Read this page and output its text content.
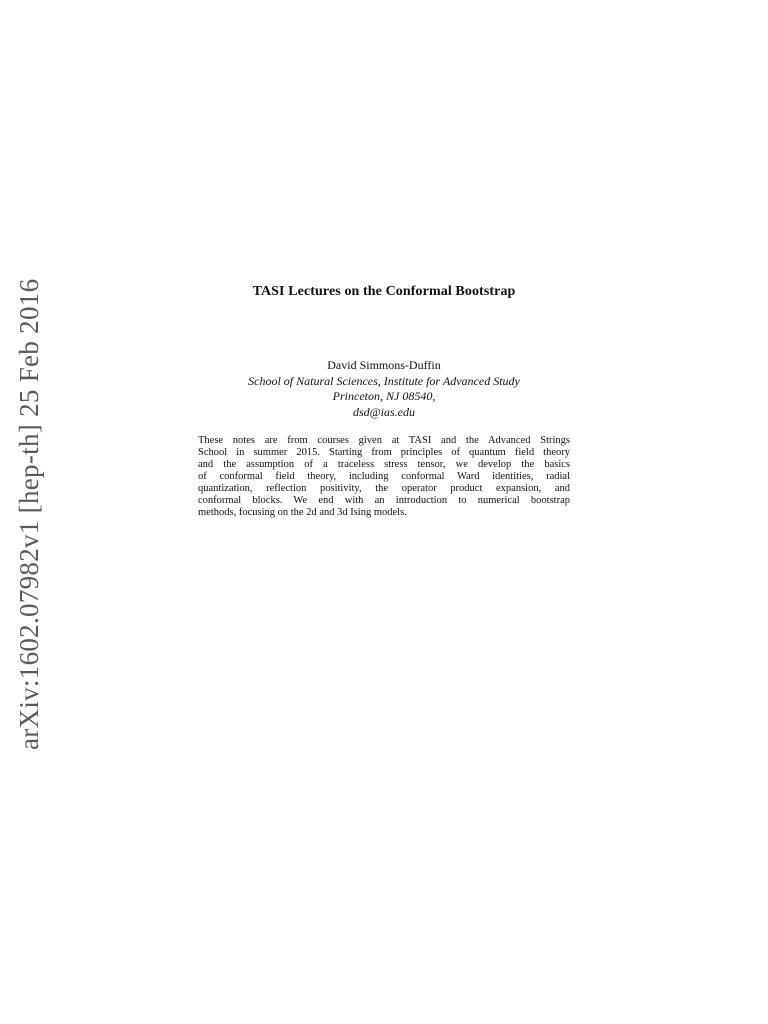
arXiv:1602.07982v1 [hep-th] 25 Feb 2016	TASI Lectures on the Conformal Bootstrap
David Simmons-Duffin
School of Natural Sciences, Institute for Advanced Study
Princeton, NJ 08540,
dsd@ias.edu

These notes are from courses given at TASI and the Advanced Strings
School in summer 2015. Starting from principles of quantum field theory
and the assumption of a traceless stress tensor, we develop the basics
of conformal field theory, including conformal Ward identities, radial
quantization, reflection positivity, the operator product expansion, and
conformal blocks. We end with an introduction to numerical bootstrap
methods, focusing on the 2d and 3d Ising models.
